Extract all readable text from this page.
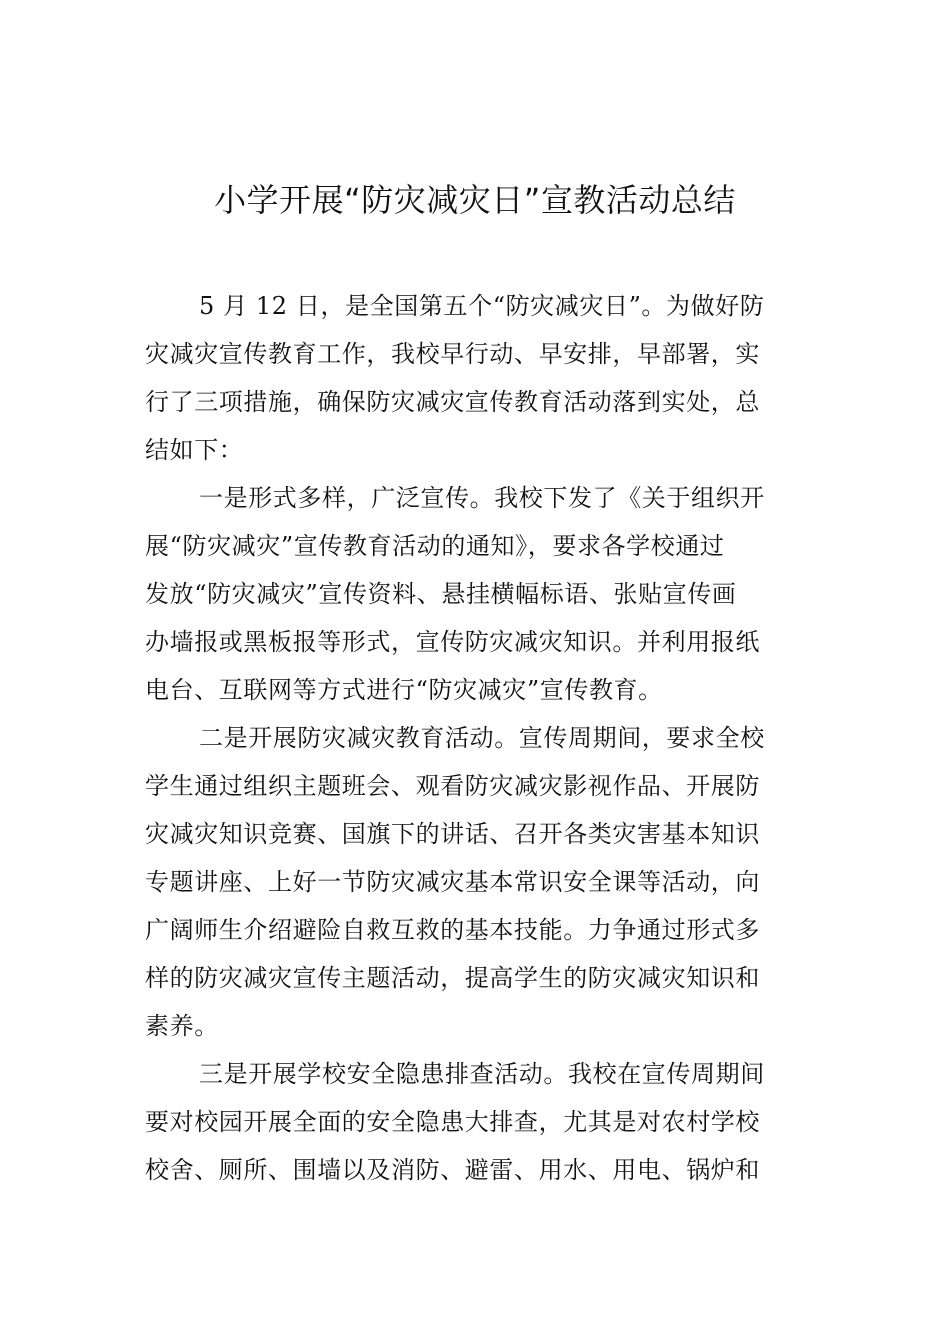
小学开展“防灾减灾日”宣教活动总结

5 月 12 日，是全国第五个“防灾减灾日”。为做好防
灾减灾宣传教育工作，我校早行动、早安排，早部署，实
行了三项措施，确保防灾减灾宣传教育活动落到实处，总
结如下：

一是形式多样，广泛宣传。我校下发了《关于组织开
展“防灾减灾”宣传教育活动的通知》，要求各学校通过
发放“防灾减灾”宣传资料、悬挂横幅标语、张贴宣传画
办墙报或黑板报等形式，宣传防灾减灾知识。并利用报纸
电台、互联网等方式进行“防灾减灾”宣传教育。

二是开展防灾减灾教育活动。宣传周期间，要求全校
学生通过组织主题班会、观看防灾减灾影视作品、开展防
灾减灾知识竞赛、国旗下的讲话、召开各类灾害基本知识
专题讲座、上好一节防灾减灾基本常识安全课等活动，向
广阔师生介绍避险自救互救的基本技能。力争通过形式多
样的防灾减灾宣传主题活动，提高学生的防灾减灾知识和
素养。

三是开展学校安全隐患排查活动。我校在宣传周期间
要对校园开展全面的安全隐患大排查，尤其是对农村学校
校舍、厕所、围墙以及消防、避雷、用水、用电、锅炉和
